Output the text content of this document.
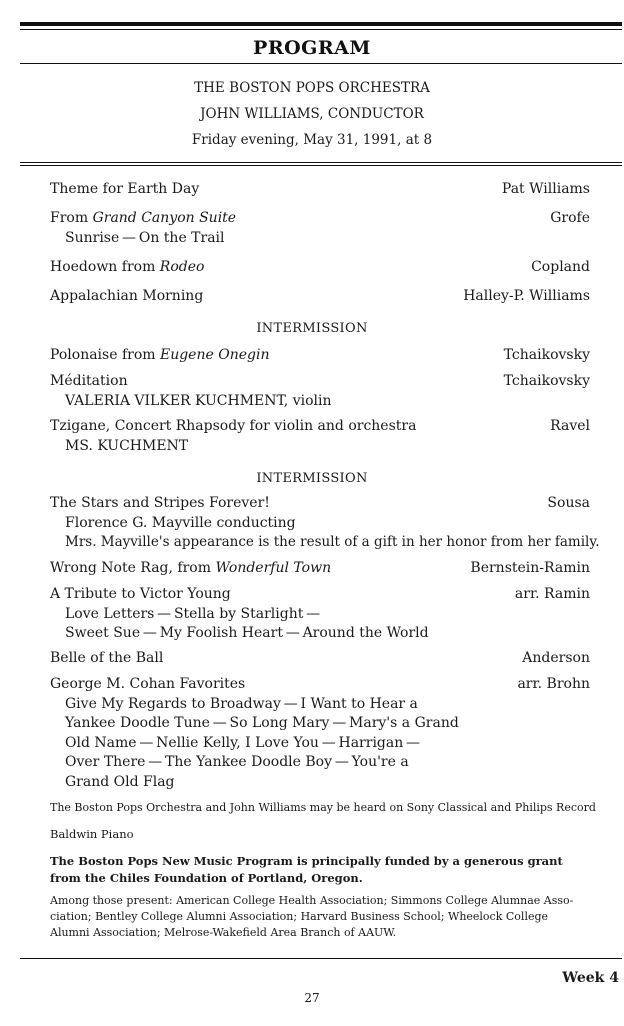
PROGRAM
THE BOSTON POPS ORCHESTRA
JOHN WILLIAMS, CONDUCTOR
Friday evening, May 31, 1991, at 8
Theme for Earth Day	Pat Williams
From Grand Canyon Suite	Grofe
Sunrise — On the Trail
Hoedown from Rodeo	Copland
Appalachian Morning	Halley-P. Williams
INTERMISSION
Polonaise from Eugene Onegin	Tchaikovsky
Méditation	Tchaikovsky
VALERIA VILKER KUCHMENT, violin
Tzigane, Concert Rhapsody for violin and orchestra	Ravel
MS. KUCHMENT
INTERMISSION
The Stars and Stripes Forever!	Sousa
Florence G. Mayville conducting
Mrs. Mayville's appearance is the result of a gift in her honor from her family.
Wrong Note Rag, from Wonderful Town	Bernstein-Ramin
A Tribute to Victor Young	arr. Ramin
Love Letters — Stella by Starlight —
Sweet Sue — My Foolish Heart — Around the World
Belle of the Ball	Anderson
George M. Cohan Favorites	arr. Brohn
Give My Regards to Broadway — I Want to Hear a
Yankee Doodle Tune — So Long Mary — Mary's a Grand
Old Name — Nellie Kelly, I Love You — Harrigan —
Over There — The Yankee Doodle Boy — You're a
Grand Old Flag
The Boston Pops Orchestra and John Williams may be heard on Sony Classical and Philips Record
Baldwin Piano
The Boston Pops New Music Program is principally funded by a generous grant
from the Chiles Foundation of Portland, Oregon.
Among those present: American College Health Association; Simmons College Alumnae Asso-
ciation; Bentley College Alumni Association; Harvard Business School; Wheelock College
Alumni Association; Melrose-Wakefield Area Branch of AAUW.
Week 4
27
